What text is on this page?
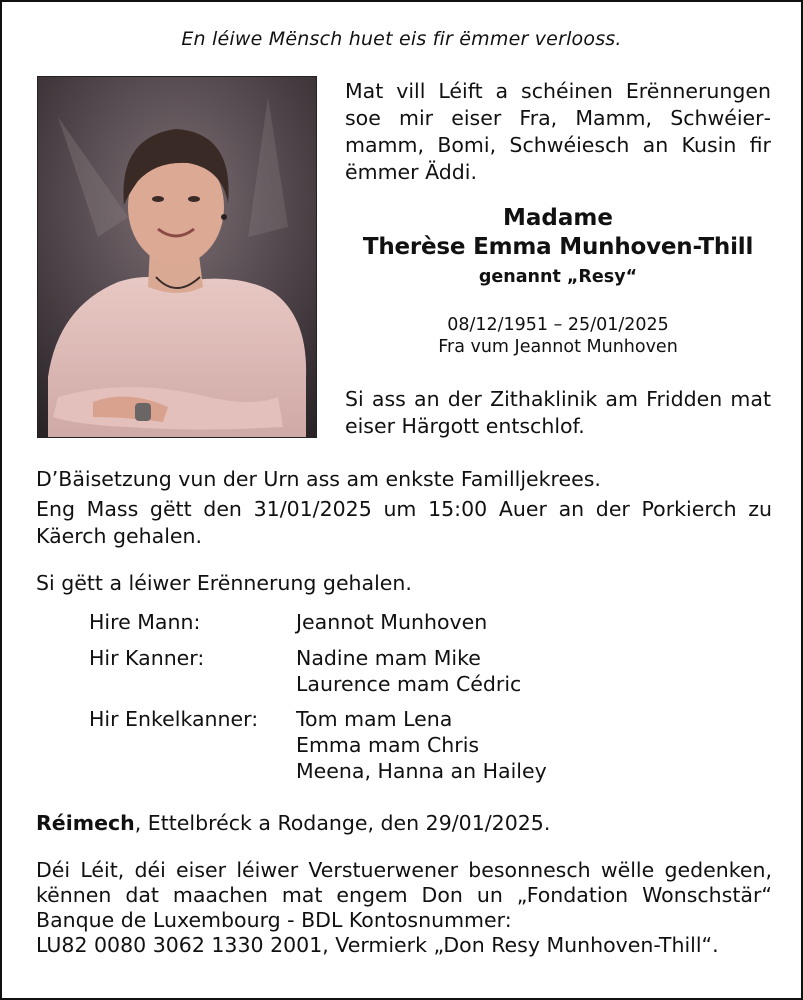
En léiwe Mënsch huet eis fir ëmmer verlooss.
Mat vill Léift a schéinen Erënnerungen soe mir eiser Fra, Mamm, Schwéiermamm, Bomi, Schwéiesch an Kusin fir ëmmer Äddi.
Madame
Therèse Emma Munhoven-Thill
genannt „Resy“
08/12/1951 – 25/01/2025
Fra vum Jeannot Munhoven
Si ass an der Zithaklinik am Fridden mat eiser Härgott entschlof.
D’Bäisetzung vun der Urn ass am enkste Familljekrees.
Eng Mass gëtt den 31/01/2025 um 15:00 Auer an der Porkierch zu Käerch gehalen.
Si gëtt a léiwer Erënnerung gehalen.
Hire Mann:	Jeannot Munhoven
Hir Kanner:	Nadine mam Mike
Laurence mam Cédric
Hir Enkelkanner:	Tom mam Lena
Emma mam Chris
Meena, Hanna an Hailey
Réimech, Ettelbréck a Rodange, den 29/01/2025.
Déi Léit, déi eiser léiwer Verstuerwener besonnesch wëlle gedenken,
kënnen dat maachen mat engem Don un „Fondation Wonschstär“
Banque de Luxembourg - BDL Kontosnummer:
LU82 0080 3062 1330 2001, Vermierk „Don Resy Munhoven-Thill“.
